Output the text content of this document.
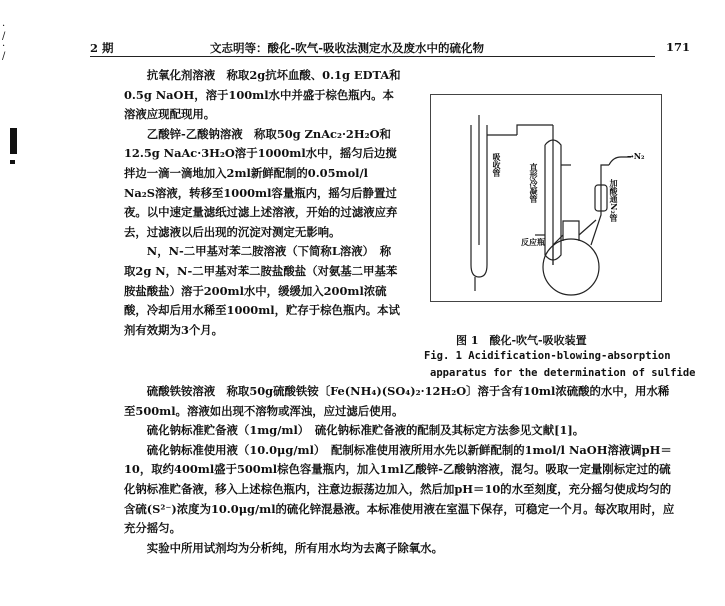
·
/
·
/
2 期	文志明等：酸化-吹气-吸收法测定水及废水中的硫化物	171

抗氧化剂溶液　称取2g抗坏血酸、0.1g EDTA和0.5g NaOH，溶于100ml水中并盛于棕色瓶内。本溶液应现配现用。

乙酸锌-乙酸钠溶液　称取50g ZnAc₂·2H₂O和12.5g NaAc·3H₂O溶于1000ml水中，摇匀后边搅拌边一滴一滴地加入2ml新鲜配制的0.05mol/l Na₂S溶液，转移至1000ml容量瓶内，摇匀后静置过夜。以中速定量滤纸过滤上述溶液，开始的过滤液应弃去，过滤液以后出现的沉淀对测定无影响。

N，N-二甲基对苯二胺溶液（下简称L溶液）　称取2g N，N-二甲基对苯二胺盐酸盐（对氨基二甲基苯胺盐酸盐）溶于200ml水中，缓缓加入200ml浓硫酸，冷却后用水稀至1000ml，贮存于棕色瓶内。本试剂有效期为3个月。

吸收管	直形冷凝管	加酸通N₂管
→N₂
反应瓶
图 1　酸化-吹气-吸收装置
Fig. 1 Acidification-blowing-absorption
apparatus for the determination of sulfide

硫酸铁铵溶液　称取50g硫酸铁铵〔Fe(NH₄)(SO₄)₂·12H₂O〕溶于含有10ml浓硫酸的水中，用水稀至500ml。溶液如出现不溶物或浑浊，应过滤后使用。

硫化钠标准贮备液（1mg/ml）　硫化钠标准贮备液的配制及其标定方法参见文献[1]。

硫化钠标准使用液（10.0μg/ml）　配制标准使用液所用水先以新鲜配制的1mol/l NaOH溶液调pH＝10，取约400ml盛于500ml棕色容量瓶内，加入1ml乙酸锌-乙酸钠溶液，混匀。吸取一定量刚标定过的硫化钠标准贮备液，移入上述棕色瓶内，注意边振荡边加入，然后加pH＝10的水至刻度，充分摇匀使成均匀的含硫(S²⁻)浓度为10.0μg/ml的硫化锌混悬液。本标准使用液在室温下保存，可稳定一个月。每次取用时，应充分摇匀。

实验中所用试剂均为分析纯，所有用水均为去离子除氧水。
